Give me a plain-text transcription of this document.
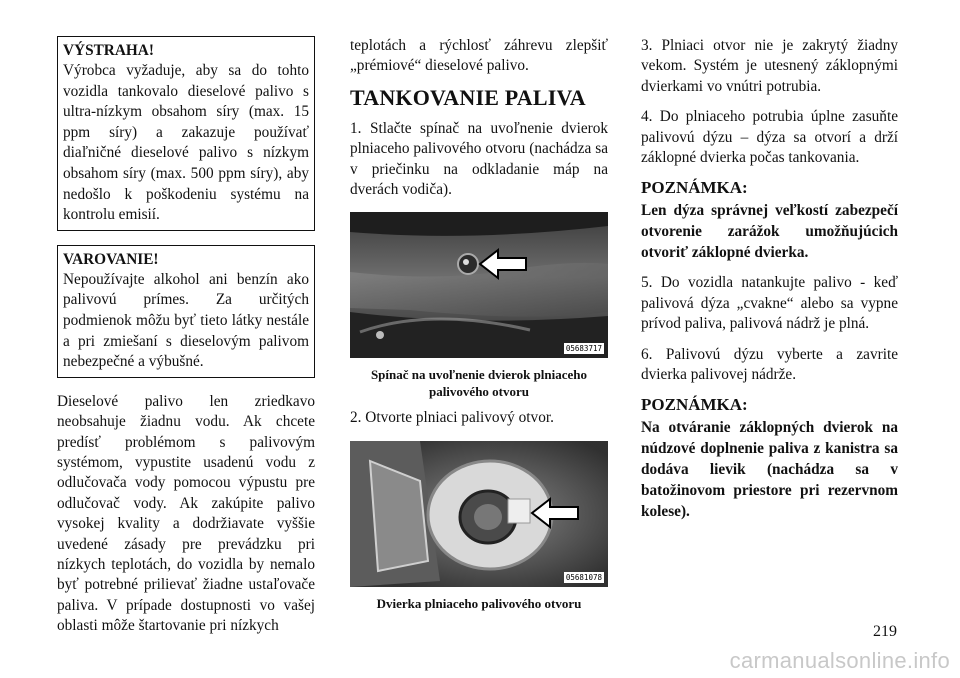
VÝSTRAHA!
Výrobca vyžaduje, aby sa do tohto vozidla tankovalo dieselové palivo s ultra-nízkym obsahom síry (max. 15 ppm síry) a zakazuje používať diaľničné dieselové palivo s nízkym obsahom síry (max. 500 ppm síry), aby nedošlo k poškodeniu systému na kontrolu emisií.
VAROVANIE!
Nepoužívajte alkohol ani benzín ako palivovú prímes. Za určitých podmienok môžu byť tieto látky nestále a pri zmiešaní s dieselovým palivom nebezpečné a výbušné.

Dieselové palivo len zriedkavo neobsahuje žiadnu vodu. Ak chcete predísť problémom s palivovým systémom, vypustite usadenú vodu z odlučovača vody pomocou výpustu pre odlučovač vody. Ak zakúpite palivo vysokej kvality a dodržiavate vyššie uvedené zásady pre prevádzku pri nízkych teplotách, do vozidla by nemalo byť potrebné prilievať žiadne ustaľovače paliva. V prípade dostupnosti vo vašej oblasti môže štartovanie pri nízkych

teplotách a rýchlosť záhrevu zlepšiť „prémiové“ dieselové palivo.

TANKOVANIE PALIVA

1. Stlačte spínač na uvoľnenie dvierok plniaceho palivového otvoru (nachádza sa v priečinku na odkladanie máp na dverách vodiča).

05683717
Spínač na uvoľnenie dvierok plniaceho palivového otvoru

2. Otvorte plniaci palivový otvor.

05681078
Dvierka plniaceho palivového otvoru

3. Plniaci otvor nie je zakrytý žiadny vekom. Systém je utesnený záklopnými dvierkami vo vnútri potrubia.

4. Do plniaceho potrubia úplne zasuňte palivovú dýzu – dýza sa otvorí a drží záklopné dvierka počas tankovania.

POZNÁMKA:

Len dýza správnej veľkostí zabezpečí otvorenie zarážok umožňujúcich otvoriť záklopné dvierka.

5. Do vozidla natankujte palivo - keď palivová dýza „cvakne“ alebo sa vypne prívod paliva, palivová nádrž je plná.

6. Palivovú dýzu vyberte a zavrite dvierka palivovej nádrže.

POZNÁMKA:

Na otváranie záklopných dvierok na núdzové doplnenie paliva z kanistra sa dodáva lievik (nachádza sa v batožinovom priestore pri rezervnom kolese).

219
carmanualsonline.info
